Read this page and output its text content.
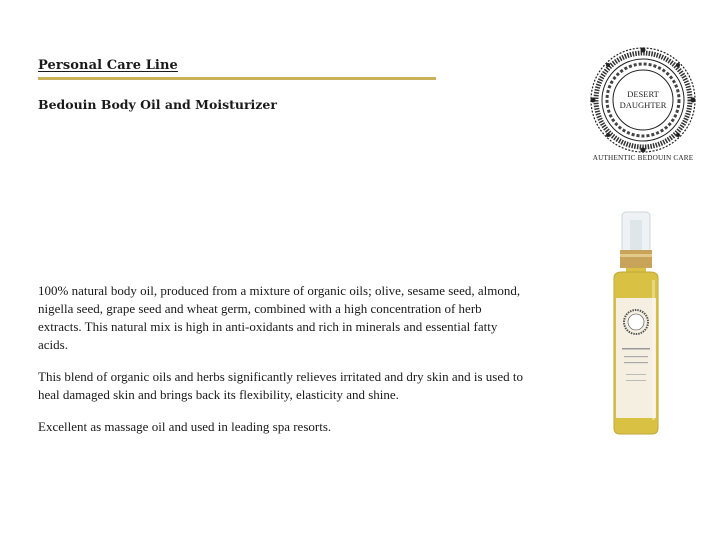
Personal Care Line
Bedouin Body Oil and Moisturizer

100% natural body oil, produced from a mixture of organic oils; olive, sesame seed, almond, nigella seed, grape seed and wheat germ, combined with a high concentration of herb extracts. This natural mix is high in anti-oxidants and rich in minerals and essential fatty acids.

This blend of organic oils and herbs significantly relieves irritated and dry skin and is used to heal damaged skin and brings back its flexibility, elasticity and shine.

Excellent as massage oil and used in leading spa resorts.

DESERT
DAUGHTER
AUTHENTIC BEDOUIN CARE
